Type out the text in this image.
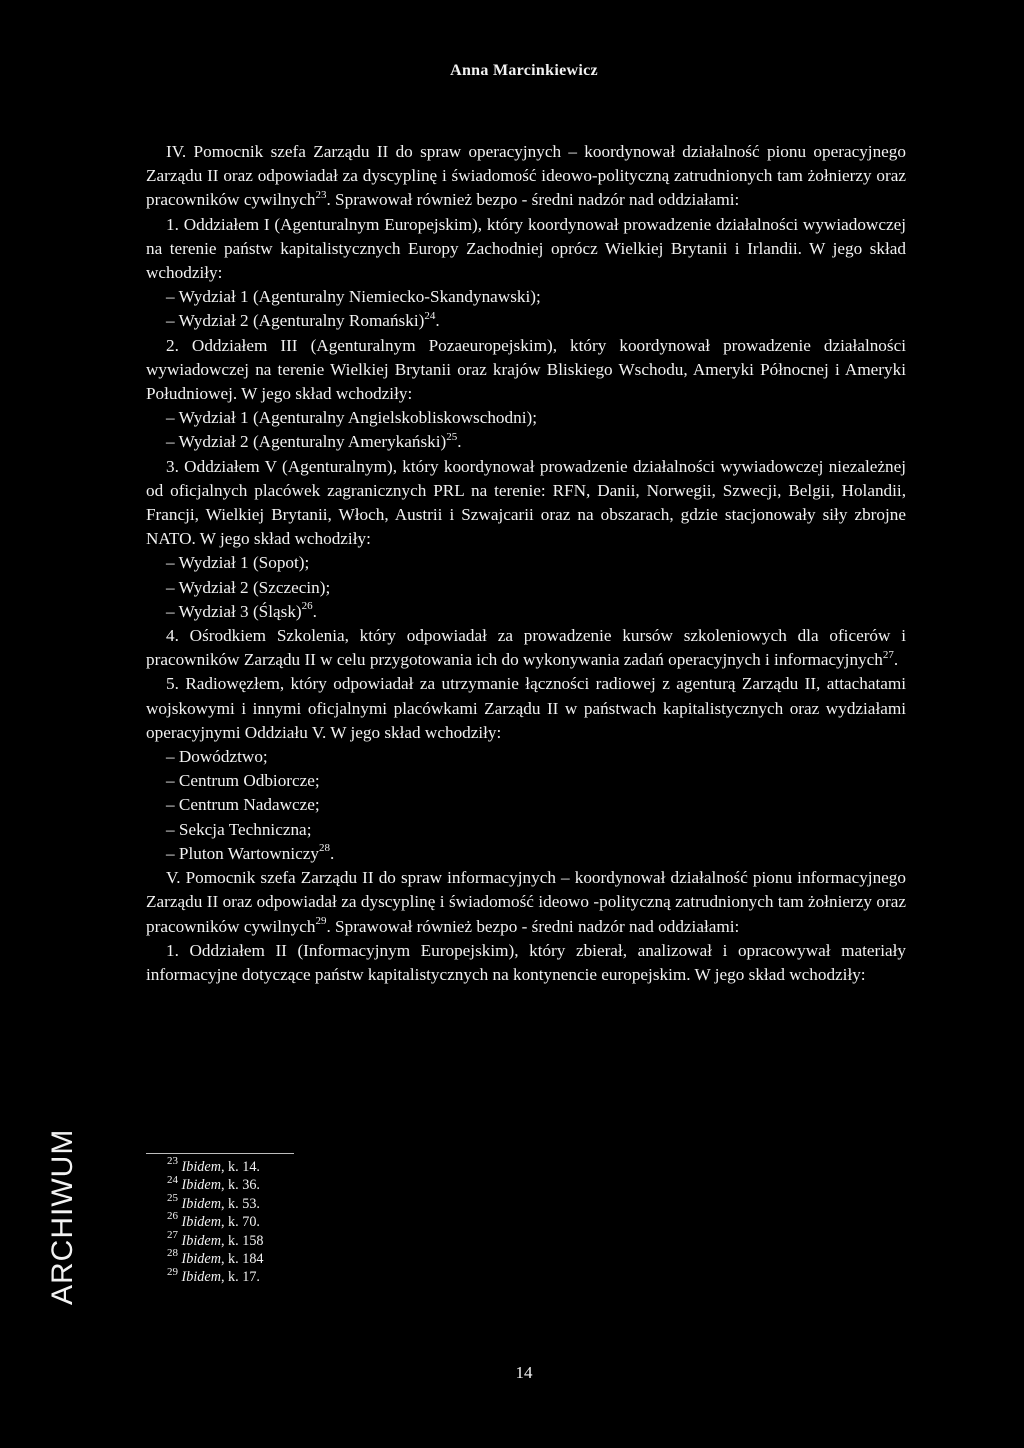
Anna Marcinkiewicz

IV. Pomocnik szefa Zarządu II do spraw operacyjnych – koordynował działalność pionu operacyjnego Zarządu II oraz odpowiadał za dyscyplinę i świadomość ideowo-polityczną zatrudnionych tam żołnierzy oraz pracowników cywilnych$^{23}$. Sprawował również bezpo - średni nadzór nad oddziałami:

1. Oddziałem I (Agenturalnym Europejskim), który koordynował prowadzenie działalności wywiadowczej na terenie państw kapitalistycznych Europy Zachodniej oprócz Wielkiej Brytanii i Irlandii. W jego skład wchodziły:

– Wydział 1 (Agenturalny Niemiecko-Skandynawski);

– Wydział 2 (Agenturalny Romański)$^{24}$.

2. Oddziałem III (Agenturalnym Pozaeuropejskim), który koordynował prowadzenie działalności wywiadowczej na terenie Wielkiej Brytanii oraz krajów Bliskiego Wschodu, Ameryki Północnej i Ameryki Południowej. W jego skład wchodziły:

– Wydział 1 (Agenturalny Angielskobliskowschodni);

– Wydział 2 (Agenturalny Amerykański)$^{25}$.

3. Oddziałem V (Agenturalnym), który koordynował prowadzenie działalności wywiadowczej niezależnej od oficjalnych placówek zagranicznych PRL na terenie: RFN, Danii, Norwegii, Szwecji, Belgii, Holandii, Francji, Wielkiej Brytanii, Włoch, Austrii i Szwajcarii oraz na obszarach, gdzie stacjonowały siły zbrojne NATO. W jego skład wchodziły:

– Wydział 1 (Sopot);

– Wydział 2 (Szczecin);

– Wydział 3 (Śląsk)$^{26}$.

4. Ośrodkiem Szkolenia, który odpowiadał za prowadzenie kursów szkoleniowych dla oficerów i pracowników Zarządu II w celu przygotowania ich do wykonywania zadań operacyjnych i informacyjnych$^{27}$.

5. Radiowęzłem, który odpowiadał za utrzymanie łączności radiowej z agenturą Zarządu II, attachatami wojskowymi i innymi oficjalnymi placówkami Zarządu II w państwach kapitalistycznych oraz wydziałami operacyjnymi Oddziału V. W jego skład wchodziły:

– Dowództwo;

– Centrum Odbiorcze;

– Centrum Nadawcze;

– Sekcja Techniczna;

– Pluton Wartowniczy$^{28}$.

V. Pomocnik szefa Zarządu II do spraw informacyjnych – koordynował działalność pionu informacyjnego Zarządu II oraz odpowiadał za dyscyplinę i świadomość ideowo -polityczną zatrudnionych tam żołnierzy oraz pracowników cywilnych$^{29}$. Sprawował również bezpo - średni nadzór nad oddziałami:

1. Oddziałem II (Informacyjnym Europejskim), który zbierał, analizował i opracowywał materiały informacyjne dotyczące państw kapitalistycznych na kontynencie europejskim. W jego skład wchodziły:

$^{23}$ Ibidem, k. 14.
$^{24}$ Ibidem, k. 36.
$^{25}$ Ibidem, k. 53.
$^{26}$ Ibidem, k. 70.
$^{27}$ Ibidem, k. 158
$^{28}$ Ibidem, k. 184
$^{29}$ Ibidem, k. 17.
ARCHIWUM
14
